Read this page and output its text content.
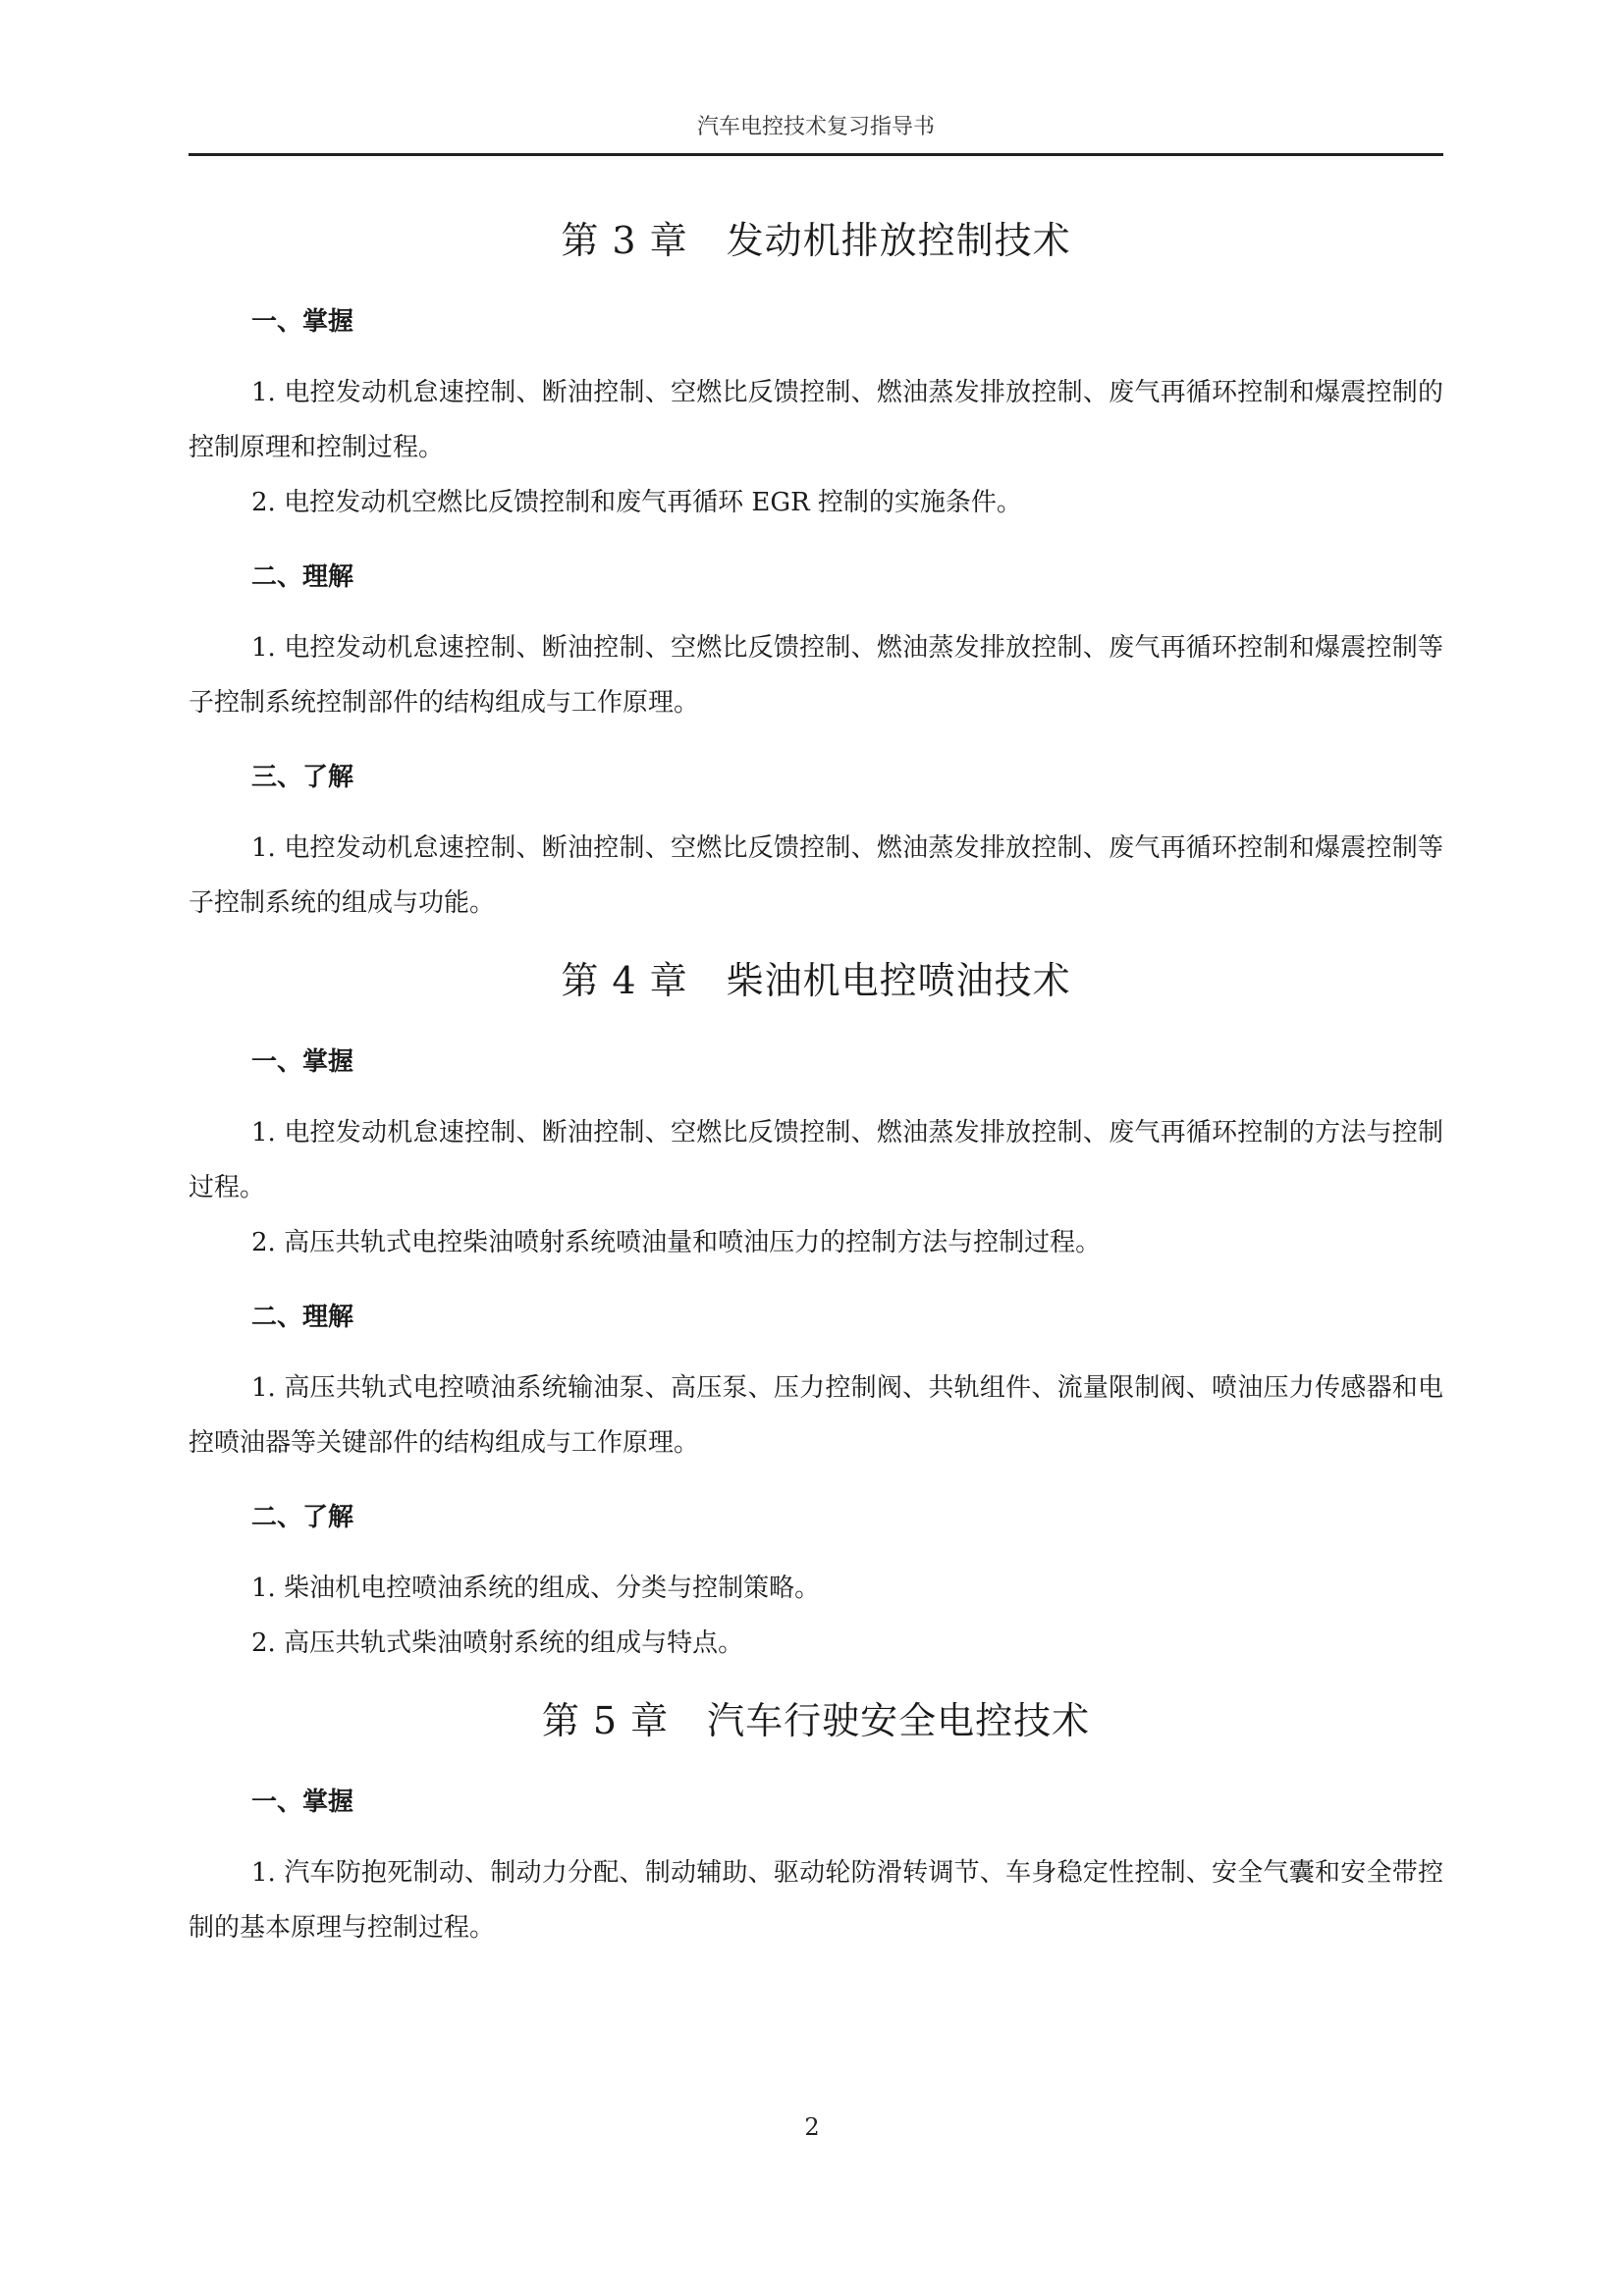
汽车电控技术复习指导书
第 3 章　发动机排放控制技术
一、掌握

1. 电控发动机怠速控制、断油控制、空燃比反馈控制、燃油蒸发排放控制、废气再循环控制和爆震控制的控制原理和控制过程。

2. 电控发动机空燃比反馈控制和废气再循环 EGR 控制的实施条件。

二、理解

1. 电控发动机怠速控制、断油控制、空燃比反馈控制、燃油蒸发排放控制、废气再循环控制和爆震控制等子控制系统控制部件的结构组成与工作原理。

三、了解

1. 电控发动机怠速控制、断油控制、空燃比反馈控制、燃油蒸发排放控制、废气再循环控制和爆震控制等子控制系统的组成与功能。

第 4 章　柴油机电控喷油技术
一、掌握

1. 电控发动机怠速控制、断油控制、空燃比反馈控制、燃油蒸发排放控制、废气再循环控制的方法与控制过程。

2. 高压共轨式电控柴油喷射系统喷油量和喷油压力的控制方法与控制过程。

二、理解

1. 高压共轨式电控喷油系统输油泵、高压泵、压力控制阀、共轨组件、流量限制阀、喷油压力传感器和电控喷油器等关键部件的结构组成与工作原理。

二、了解

1. 柴油机电控喷油系统的组成、分类与控制策略。

2. 高压共轨式柴油喷射系统的组成与特点。

第 5 章　汽车行驶安全电控技术
一、掌握

1. 汽车防抱死制动、制动力分配、制动辅助、驱动轮防滑转调节、车身稳定性控制、安全气囊和安全带控制的基本原理与控制过程。

2
